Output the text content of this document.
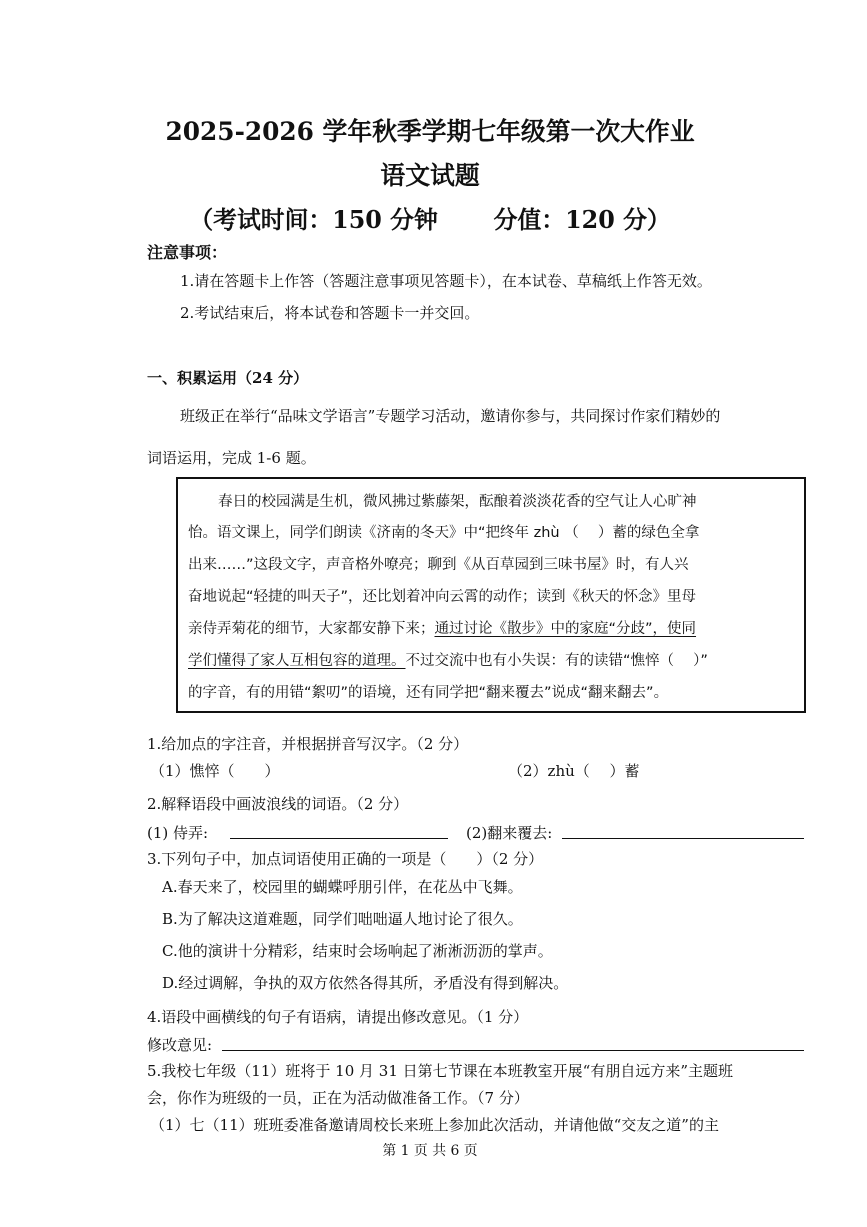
2025-2026 学年秋季学期七年级第一次大作业
语文试题
（考试时间：150 分钟　　 分值：120 分）
注意事项：
1.请在答题卡上作答（答题注意事项见答题卡），在本试卷、草稿纸上作答无效。
2.考试结束后，将本试卷和答题卡一并交回。
一、积累运用（24 分）
班级正在举行“品味文学语言”专题学习活动，邀请你参与，共同探讨作家们精妙的
词语运用，完成 1-6 题。
春日的校园满是生机，微风拂过紫藤架，酝酿着淡淡花香的空气让人心旷神
怡。语文课上，同学们朗读《济南的冬天》中“把终年 zhù （　 ）蓄的绿色全拿
出来……”这段文字，声音格外嘹亮；聊到《从百草园到三味书屋》时，有人兴
奋地说起“轻捷的叫天子”，还比划着冲向云霄的动作；读到《秋天的怀念》里母
亲侍弄菊花的细节，大家都安静下来；通过讨论《散步》中的家庭“分歧”，使同
学们懂得了家人互相包容的道理。不过交流中也有小失误：有的读错“憔悴（　 ）”
的字音，有的用错“絮叨”的语境，还有同学把“翻来覆去”说成“翻来翻去”。
1.给加点的字注音，并根据拼音写汉字。（2 分）
（1）憔悴（　　）	（2）zhù（　 ）蓄
2.解释语段中画波浪线的词语。（2 分）
(1) 侍弄:	(2)翻来覆去:
3.下列句子中，加点词语使用正确的一项是（　　）（2 分）
A.春天来了，校园里的蝴蝶呼朋引伴，在花丛中飞舞。
B.为了解决这道难题，同学们咄咄逼人地讨论了很久。
C.他的演讲十分精彩，结束时会场响起了淅淅沥沥的掌声。
D.经过调解，争执的双方依然各得其所，矛盾没有得到解决。
4.语段中画横线的句子有语病，请提出修改意见。（1 分）
修改意见:
5.我校七年级（11）班将于 10 月 31 日第七节课在本班教室开展“有朋自远方来”主题班
会，你作为班级的一员，正在为活动做准备工作。（7 分）
（1）七（11）班班委准备邀请周校长来班上参加此次活动，并请他做“交友之道”的主
第 1 页 共 6 页
